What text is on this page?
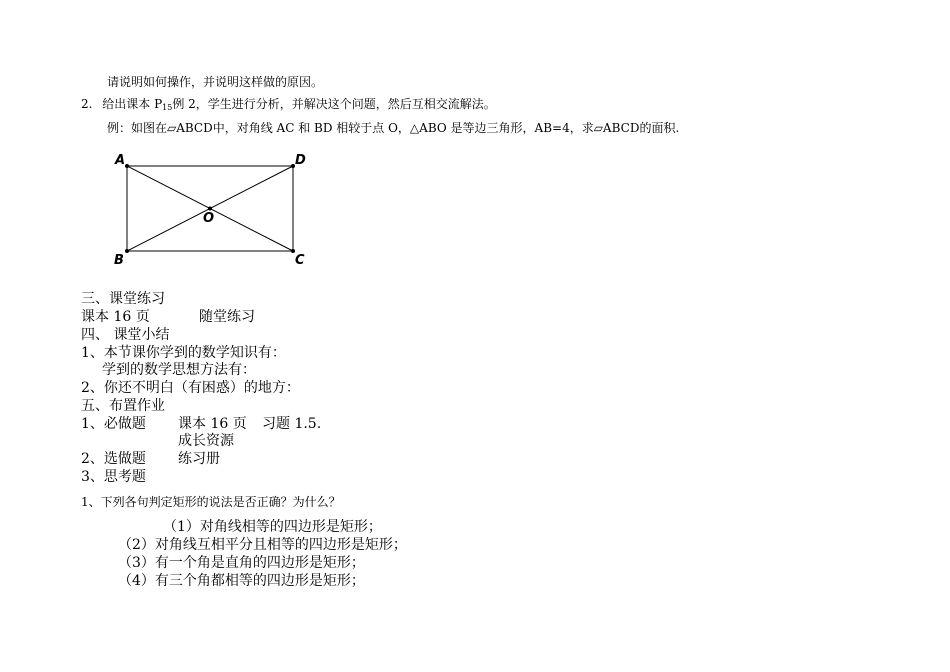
请说明如何操作，并说明这样做的原因。
2. 给出课本 $P_{15}$例 2，学生进行分析，并解决这个问题，然后互相交流解法。
例：如图在▱ABCD中，对角线 AC 和 BD 相较于点 O，△ABO 是等边三角形，AB=4，求▱ABCD的面积.
A	D
B	C
O
三、课堂练习
课本 16 页	随堂练习
四、 课堂小结
1、本节课你学到的数学知识有：
学到的数学思想方法有：
2、你还不明白（有困惑）的地方：
五、布置作业
1、必做题 课本 16 页 习题 1.5.
成长资源
2、选做题 练习册
3、思考题
1、下列各句判定矩形的说法是否正确？为什么？
（1）对角线相等的四边形是矩形；
（2）对角线互相平分且相等的四边形是矩形；
（3）有一个角是直角的四边形是矩形；
（4）有三个角都相等的四边形是矩形；
